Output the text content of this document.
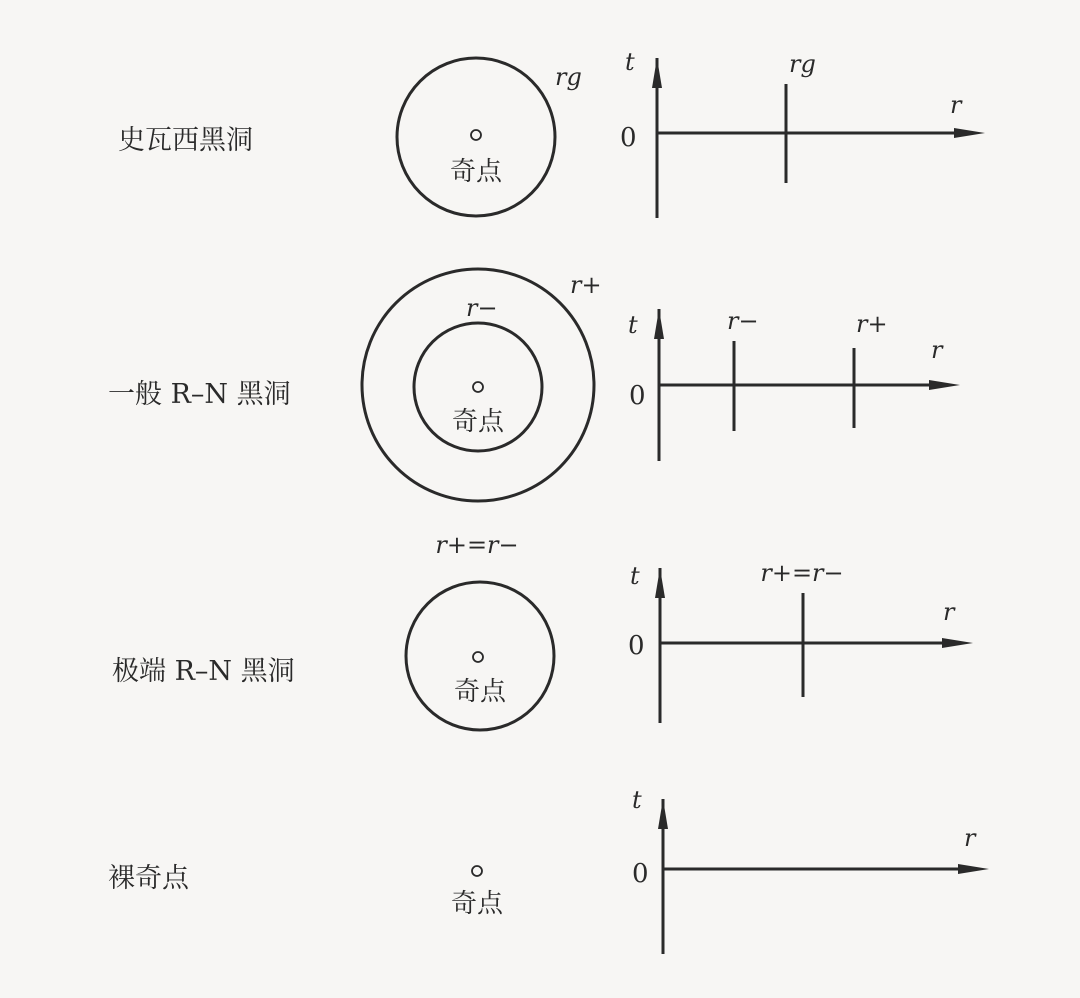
史瓦西黑洞
奇点
rg
t
0
r
rg
一般 R–N 黑洞
奇点
r+
r−
t
0
r
r−	r+
极端 R–N 黑洞
r+=r−
奇点
t
0
r
r+=r−
裸奇点
奇点
t
0
r
